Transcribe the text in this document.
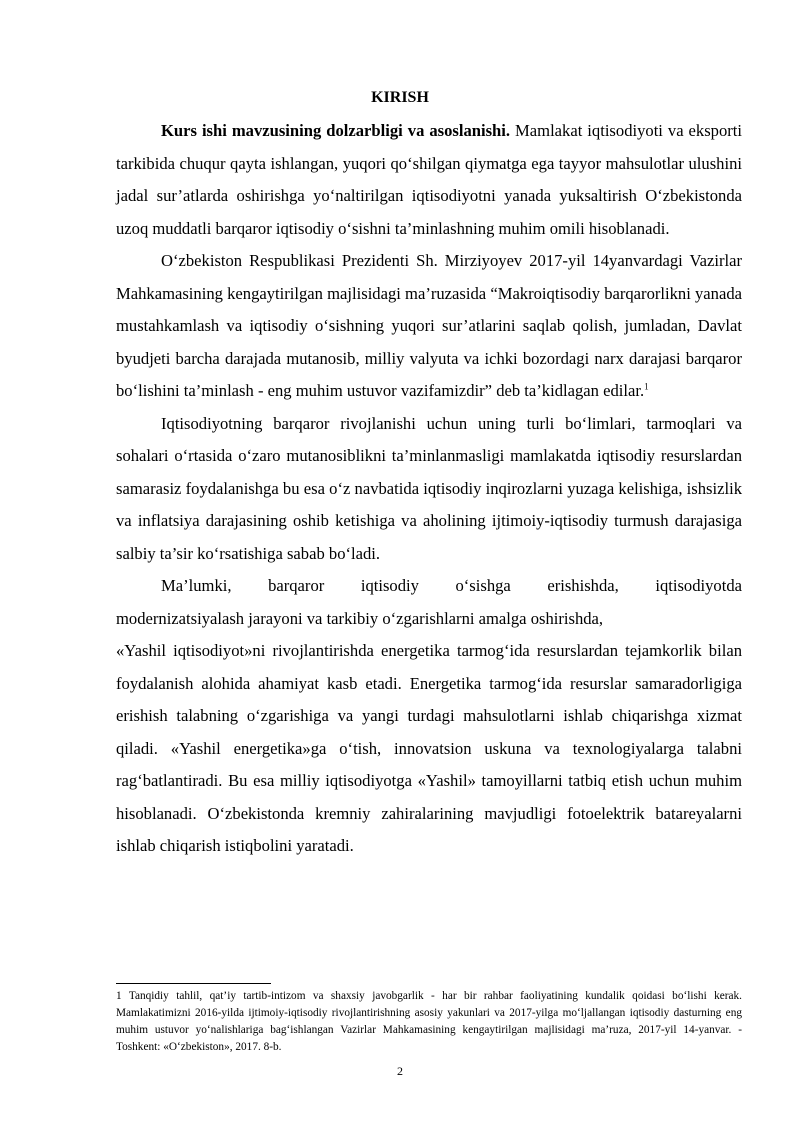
KIRISH

Kurs ishi mavzusining dolzarbligi va asoslanishi. Mamlakat iqtisodiyoti va eksporti tarkibida chuqur qayta ishlangan, yuqori qo‘shilgan qiymatga ega tayyor mahsulotlar ulushini jadal sur’atlarda oshirishga yo‘naltirilgan iqtisodiyotni yanada yuksaltirish O‘zbekistonda uzoq muddatli barqaror iqtisodiy o‘sishni ta’minlashning muhim omili hisoblanadi.

O‘zbekiston Respublikasi Prezidenti Sh. Mirziyoyev 2017-yil 14yanvardagi Vazirlar Mahkamasining kengaytirilgan majlisidagi ma’ruzasida “Makroiqtisodiy barqarorlikni yanada mustahkamlash va iqtisodiy o‘sishning yuqori sur’atlarini saqlab qolish, jumladan, Davlat byudjeti barcha darajada mutanosib, milliy valyuta va ichki bozordagi narx darajasi barqaror bo‘lishini ta’minlash - eng muhim ustuvor vazifamizdir” deb ta’kidlagan edilar.$^1$

Iqtisodiyotning barqaror rivojlanishi uchun uning turli bo‘limlari, tarmoqlari va sohalari o‘rtasida o‘zaro mutanosiblikni ta’minlanmasligi mamlakatda iqtisodiy resurslardan samarasiz foydalanishga bu esa o‘z navbatida iqtisodiy inqirozlarni yuzaga kelishiga, ishsizlik va inflatsiya darajasining oshib ketishiga va aholining ijtimoiy-iqtisodiy turmush darajasiga salbiy ta’sir ko‘rsatishiga sabab bo‘ladi.

Ma’lumki, barqaror iqtisodiy o‘sishga erishishda, iqtisodiyotda

modernizatsiyalash jarayoni va tarkibiy o‘zgarishlarni amalga oshirishda,

«Yashil iqtisodiyot»ni rivojlantirishda energetika tarmog‘ida resurslardan tejamkorlik bilan foydalanish alohida ahamiyat kasb etadi. Energetika tarmog‘ida resurslar samaradorligiga erishish talabning o‘zgarishiga va yangi turdagi mahsulotlarni ishlab chiqarishga xizmat qiladi. «Yashil energetika»ga o‘tish, innovatsion uskuna va texnologiyalarga talabni rag‘batlantiradi. Bu esa milliy iqtisodiyotga «Yashil» tamoyillarni tatbiq etish uchun muhim hisoblanadi. O‘zbekistonda kremniy zahiralarining mavjudligi fotoelektrik batareyalarni ishlab chiqarish istiqbolini yaratadi.

1 Tanqidiy tahlil, qat’iy tartib-intizom va shaxsiy javobgarlik - har bir rahbar faoliyatining kundalik qoidasi bo‘lishi kerak. Mamlakatimizni 2016-yilda ijtimoiy-iqtisodiy rivojlantirishning asosiy yakunlari va 2017-yilga mo‘ljallangan iqtisodiy dasturning eng muhim ustuvor yo‘nalishlariga bag‘ishlangan Vazirlar Mahkamasining kengaytirilgan majlisidagi ma’ruza, 2017-yil 14-yanvar. - Toshkent: «O‘zbekiston», 2017. 8-b.
2
